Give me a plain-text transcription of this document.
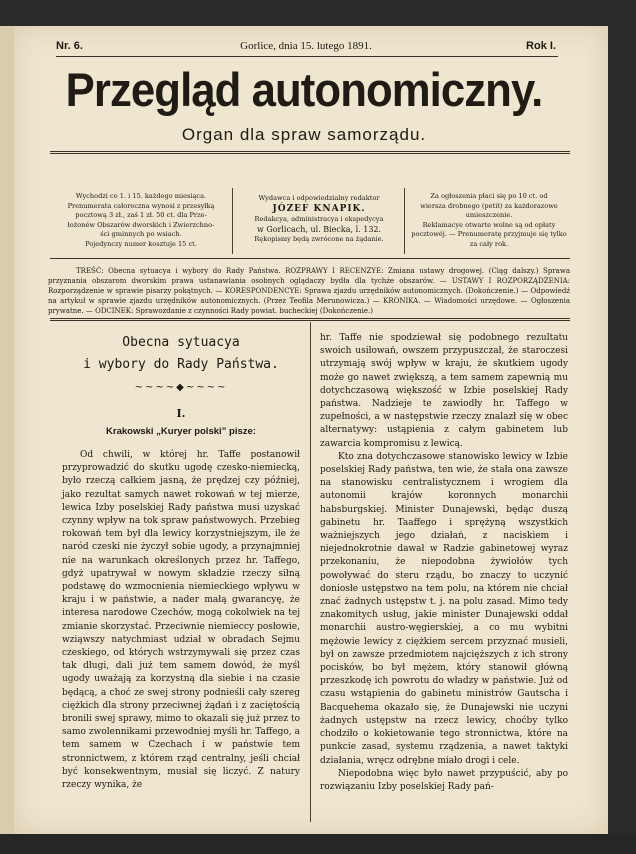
Nr. 6.	Gorlice, dnia 15. lutego 1891.	Rok I.
Przegląd autonomiczny.
Organ dla spraw samorządu.
Wychodzi co 1. i 15. każdego miesiąca.
Prenumerata całoroczna wynosi z przesyłką
pocztową 3 zł., zaś 1 zł. 50 ct. dla Prze-
łożonéw Obszarów dworskich i Zwierzchno-
ści gminnych po wsiach.
Pojedynczy numer kosztuje 15 ct.
Wydawca i odpowiedzialny redaktor
JÓZEF KNAPIK.
Redakcya, administracya i ekspedycya
w Gorlicach, ul. Biecka, l. 132.
Rękopismy będą zwrócone na żądanie.
Za ogłoszenia płaci się po 10 ct. od
wiersza drobnego (petit) za każdorazowe
umieszczenie.
Reklamacye otwarte wolne są od opłaty
pocztowéj. — Prenumeratę przyjmuje się tylko
za cały rok.
TREŚĆ: Obecna sytuacya i wybory do Rady Państwa. ROZPRAWY I RECENZYE: Zmiana ustawy drogowej. (Ciąg dalszy.) Sprawa przyznania obszarom dworskim prawa ustanawiania osobnych oglądaczy bydła dla tychże obszarów. — USTAWY I ROZPORZĄDZENIA: Rozporządzenie w sprawie pisarzy pokątnych. — KORESPONDENCYE: Sprawa zjazdu urzędników autonomicznych. (Dokończenie.) — Odpowiedź na artykuł w sprawie zjazdu urzędników autonomicznych. (Przez Teofila Merunowicza.) — KRONIKA. — Wiadomości urzędowe. — Ogłoszenia prywatne. — ODCINEK: Sprawozdanie z czynności Rady powiat. bucheckiej (Dokończenie.)
Obecna sytuacya
i wybory do Rady Państwa.
∼∼∼∼◆∼∼∼∼
I.
Krakowski „Kuryer polski” pisze:

Od chwili, w której hr. Taffe postanowił przyprowadzić do skutku ugodę czesko-niemiecką, było rzeczą całkiem jasną, że prędzej czy później, jako rezultat samych nawet rokowań w tej mierze, lewica Izby poselskiej Rady państwa musi uzyskać czynny wpływ na tok spraw państwowych. Przebieg rokowań tem był dla lewicy korzystniejszym, ile że naród czeski nie życzył sobie ugody, a przynajmniej nie na warunkach określonych przez hr. Taffego, gdyż upatrywał w nowym składzie rzeczy siłną podstawę do wzmocnienia niemieckiego wpływu w kraju i w państwie, a nader małą gwarancyę, że interesa narodowe Czechów, mogą cokolwiek na tej zmianie skorzystać. Przeciwnie niemieccy posłowie, wziąwszy natychmiast udział w obradach Sejmu czeskiego, od których wstrzymywali się przez czas tak długi, dali już tem samem dowód, że myśl ugody uważają za korzystną dla siebie i na czasie będącą, a choć ze swej strony podnieśli cały szereg ciężkich dla strony przeciwnej żądań i z zaciętością bronili swej sprawy, mimo to okazali się już przez to samo zwolennikami przewodniej myśli hr. Taffego, a tem samem w Czechach i w państwie tem stronnictwem, z którem rząd centralny, jeśli chciał być konsekwentnym, musiał się liczyć. Z natury rzeczy wynika, że

hr. Taffe nie spodziewał się podobnego rezultatu swoich usiłowań, owszem przypuszczał, że staroczesi utrzymają swój wpływ w kraju, że skutkiem ugody może go nawet zwiększą, a tem samem zapewnią mu dotychczasową większość w Izbie poselskiej Rady państwa. Nadzieje te zawiodły hr. Taffego w zupełności, a w następstwie rzeczy znalazł się w obec alternatywy: ustąpienia z całym gabinetem lub zawarcia kompromisu z lewicą.

Kto zna dotychczasowe stanowisko lewicy w Izbie poselskiej Rady państwa, ten wie, że stała ona zawsze na stanowisku centralistycznem i wrogiem dla autonomii krajów koronnych monarchii habsburgskiej. Minister Dunajewski, będąc duszą gabinetu hr. Taaffego i sprężyną wszystkich ważniejszych jego działań, z naciskiem i niejednokrotnie dawał w Radzie gabinetowej wyraz przekonaniu, że niepodobna żywiołów tych powoływać do steru rządu, bo znaczy to uczynić doniosłe ustępstwo na tem polu, na którem nie chciał znać żadnych ustępstw t. j. na polu zasad. Mimo tedy znakomitych usług, jakie minister Dunajewski oddał monarchii austro-węgierskiej, a co mu wybitni mężowie lewicy z ciężkiem sercem przyznać musieli, był on zawsze przedmiotem najcięższych z ich strony pocisków, bo był mężem, który stanowił główną przeszkodę ich powrotu do władzy w państwie. Już od czasu wstąpienia do gabinetu ministrów Gautscha i Bacquehema okazało się, że Dunajewski nie uczyni żadnych ustępstw na rzecz lewicy, choćby tylko chodziło o kokietowanie tego stronnictwa, które na punkcie zasad, systemu rządzenia, a nawet taktyki działania, wręcz odrębne miało drogi i cele.

Niepodobna więc było nawet przypuścić, aby po rozwiązaniu Izby poselskiej Rady pań-
